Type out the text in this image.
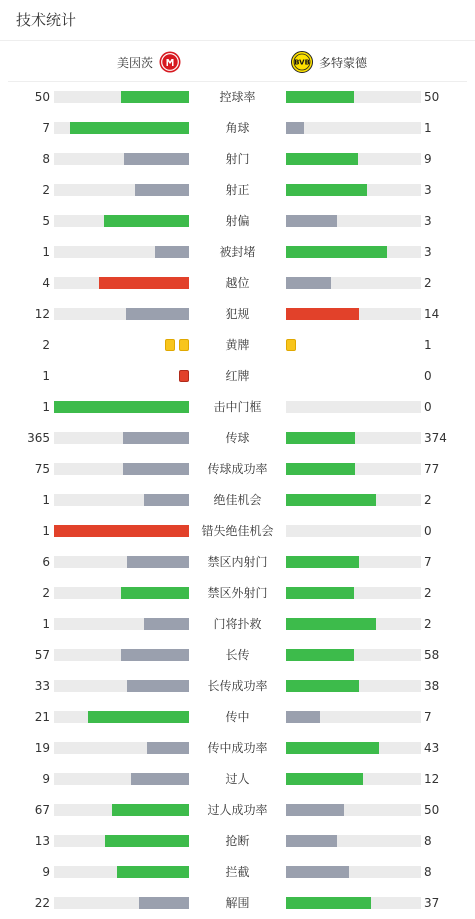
技术统计
美因茨	BVB 多特蒙德
50	控球率	50
7	角球	1
8	射门	9
2	射正	3
5	射偏	3
1	被封堵	3
4	越位	2
12	犯规	14
2	黄牌	1
1	红牌	0
1	击中门框	0
365	传球	374
75	传球成功率	77
1	绝佳机会	2
1	错失绝佳机会	0
6	禁区内射门	7
2	禁区外射门	2
1	门将扑救	2
57	长传	58
33	长传成功率	38
21	传中	7
19	传中成功率	43
9	过人	12
67	过人成功率	50
13	抢断	8
9	拦截	8
22	解围	37
